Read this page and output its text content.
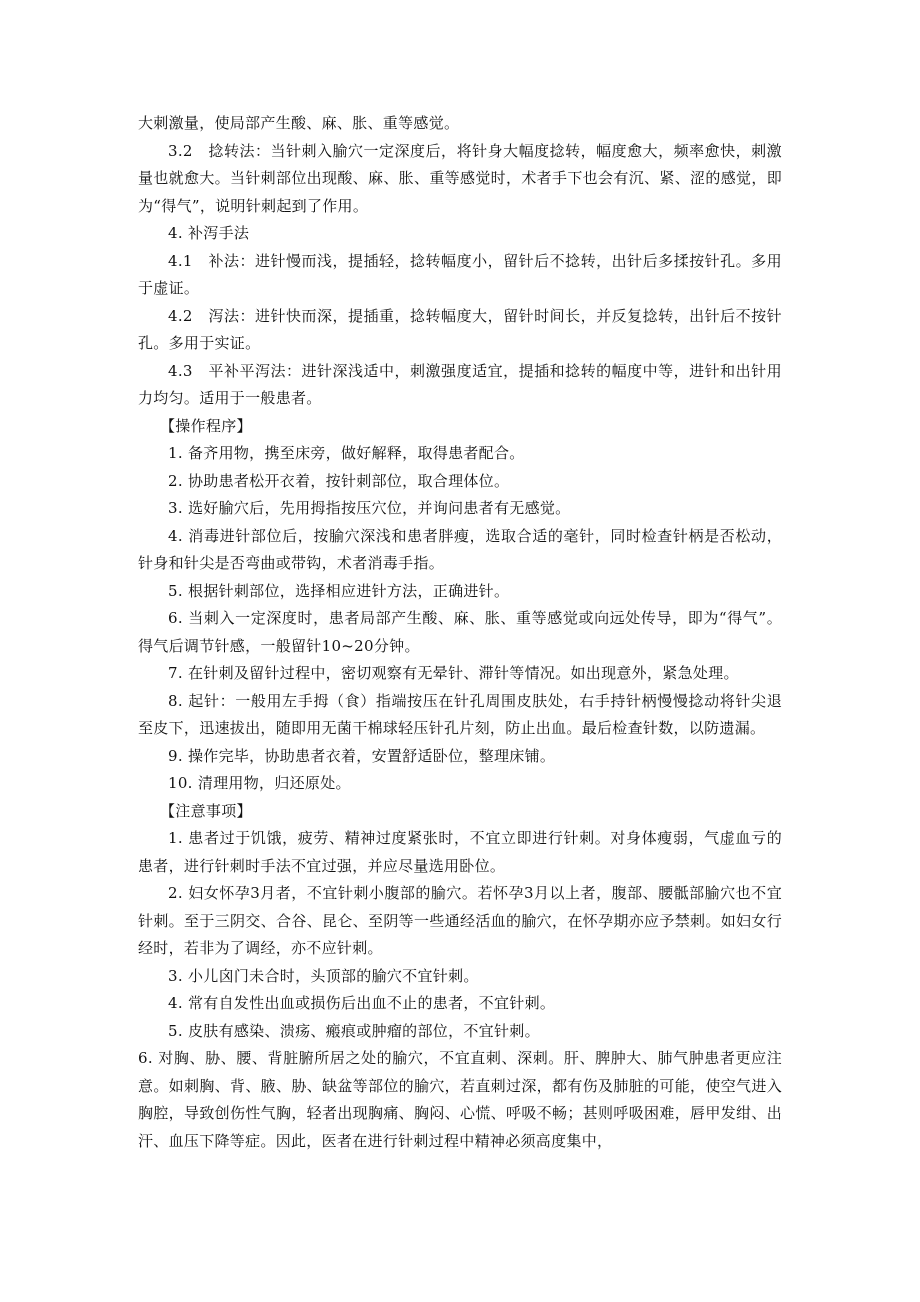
大刺激量，使局部产生酸、麻、胀、重等感觉。

3.2　捻转法：当针刺入腧穴一定深度后，将针身大幅度捻转，幅度愈大，频率愈快，刺激量也就愈大。当针刺部位出现酸、麻、胀、重等感觉时，术者手下也会有沉、紧、涩的感觉，即为“得气”，说明针刺起到了作用。

4. 补泻手法

4.1　补法：进针慢而浅，提插轻，捻转幅度小，留针后不捻转，出针后多揉按针孔。多用于虚证。

4.2　泻法：进针快而深，提插重，捻转幅度大，留针时间长，并反复捻转，出针后不按针孔。多用于实证。

4.3　平补平泻法：进针深浅适中，刺激强度适宜，提插和捻转的幅度中等，进针和出针用力均匀。适用于一般患者。

【操作程序】

1. 备齐用物，携至床旁，做好解释，取得患者配合。

2. 协助患者松开衣着，按针刺部位，取合理体位。

3. 选好腧穴后，先用拇指按压穴位，并询问患者有无感觉。

4. 消毒进针部位后，按腧穴深浅和患者胖瘦，选取合适的毫针，同时检查针柄是否松动，针身和针尖是否弯曲或带钩，术者消毒手指。

5. 根据针刺部位，选择相应进针方法，正确进针。

6. 当刺入一定深度时，患者局部产生酸、麻、胀、重等感觉或向远处传导，即为“得气”。得气后调节针感，一般留针10~20分钟。

7. 在针刺及留针过程中，密切观察有无晕针、滞针等情况。如出现意外，紧急处理。

8. 起针：一般用左手拇（食）指端按压在针孔周围皮肤处，右手持针柄慢慢捻动将针尖退至皮下，迅速拔出，随即用无菌干棉球轻压针孔片刻，防止出血。最后检查针数，以防遗漏。

9. 操作完毕，协助患者衣着，安置舒适卧位，整理床铺。

10. 清理用物，归还原处。

【注意事项】

1. 患者过于饥饿，疲劳、精神过度紧张时，不宜立即进行针刺。对身体瘦弱，气虚血亏的患者，进行针刺时手法不宜过强，并应尽量选用卧位。

2. 妇女怀孕3月者，不宜针刺小腹部的腧穴。若怀孕3月以上者，腹部、腰骶部腧穴也不宜针刺。至于三阴交、合谷、昆仑、至阴等一些通经活血的腧穴，在怀孕期亦应予禁刺。如妇女行经时，若非为了调经，亦不应针刺。

3. 小儿囟门未合时，头顶部的腧穴不宜针刺。

4. 常有自发性出血或损伤后出血不止的患者，不宜针刺。

5. 皮肤有感染、溃疡、瘢痕或肿瘤的部位，不宜针刺。

6. 对胸、胁、腰、背脏腑所居之处的腧穴，不宜直刺、深刺。肝、脾肿大、肺气肿患者更应注意。如刺胸、背、腋、胁、缺盆等部位的腧穴，若直刺过深，都有伤及肺脏的可能，使空气进入胸腔，导致创伤性气胸，轻者出现胸痛、胸闷、心慌、呼吸不畅；甚则呼吸困难，唇甲发绀、出汗、血压下降等症。因此，医者在进行针刺过程中精神必须高度集中，
